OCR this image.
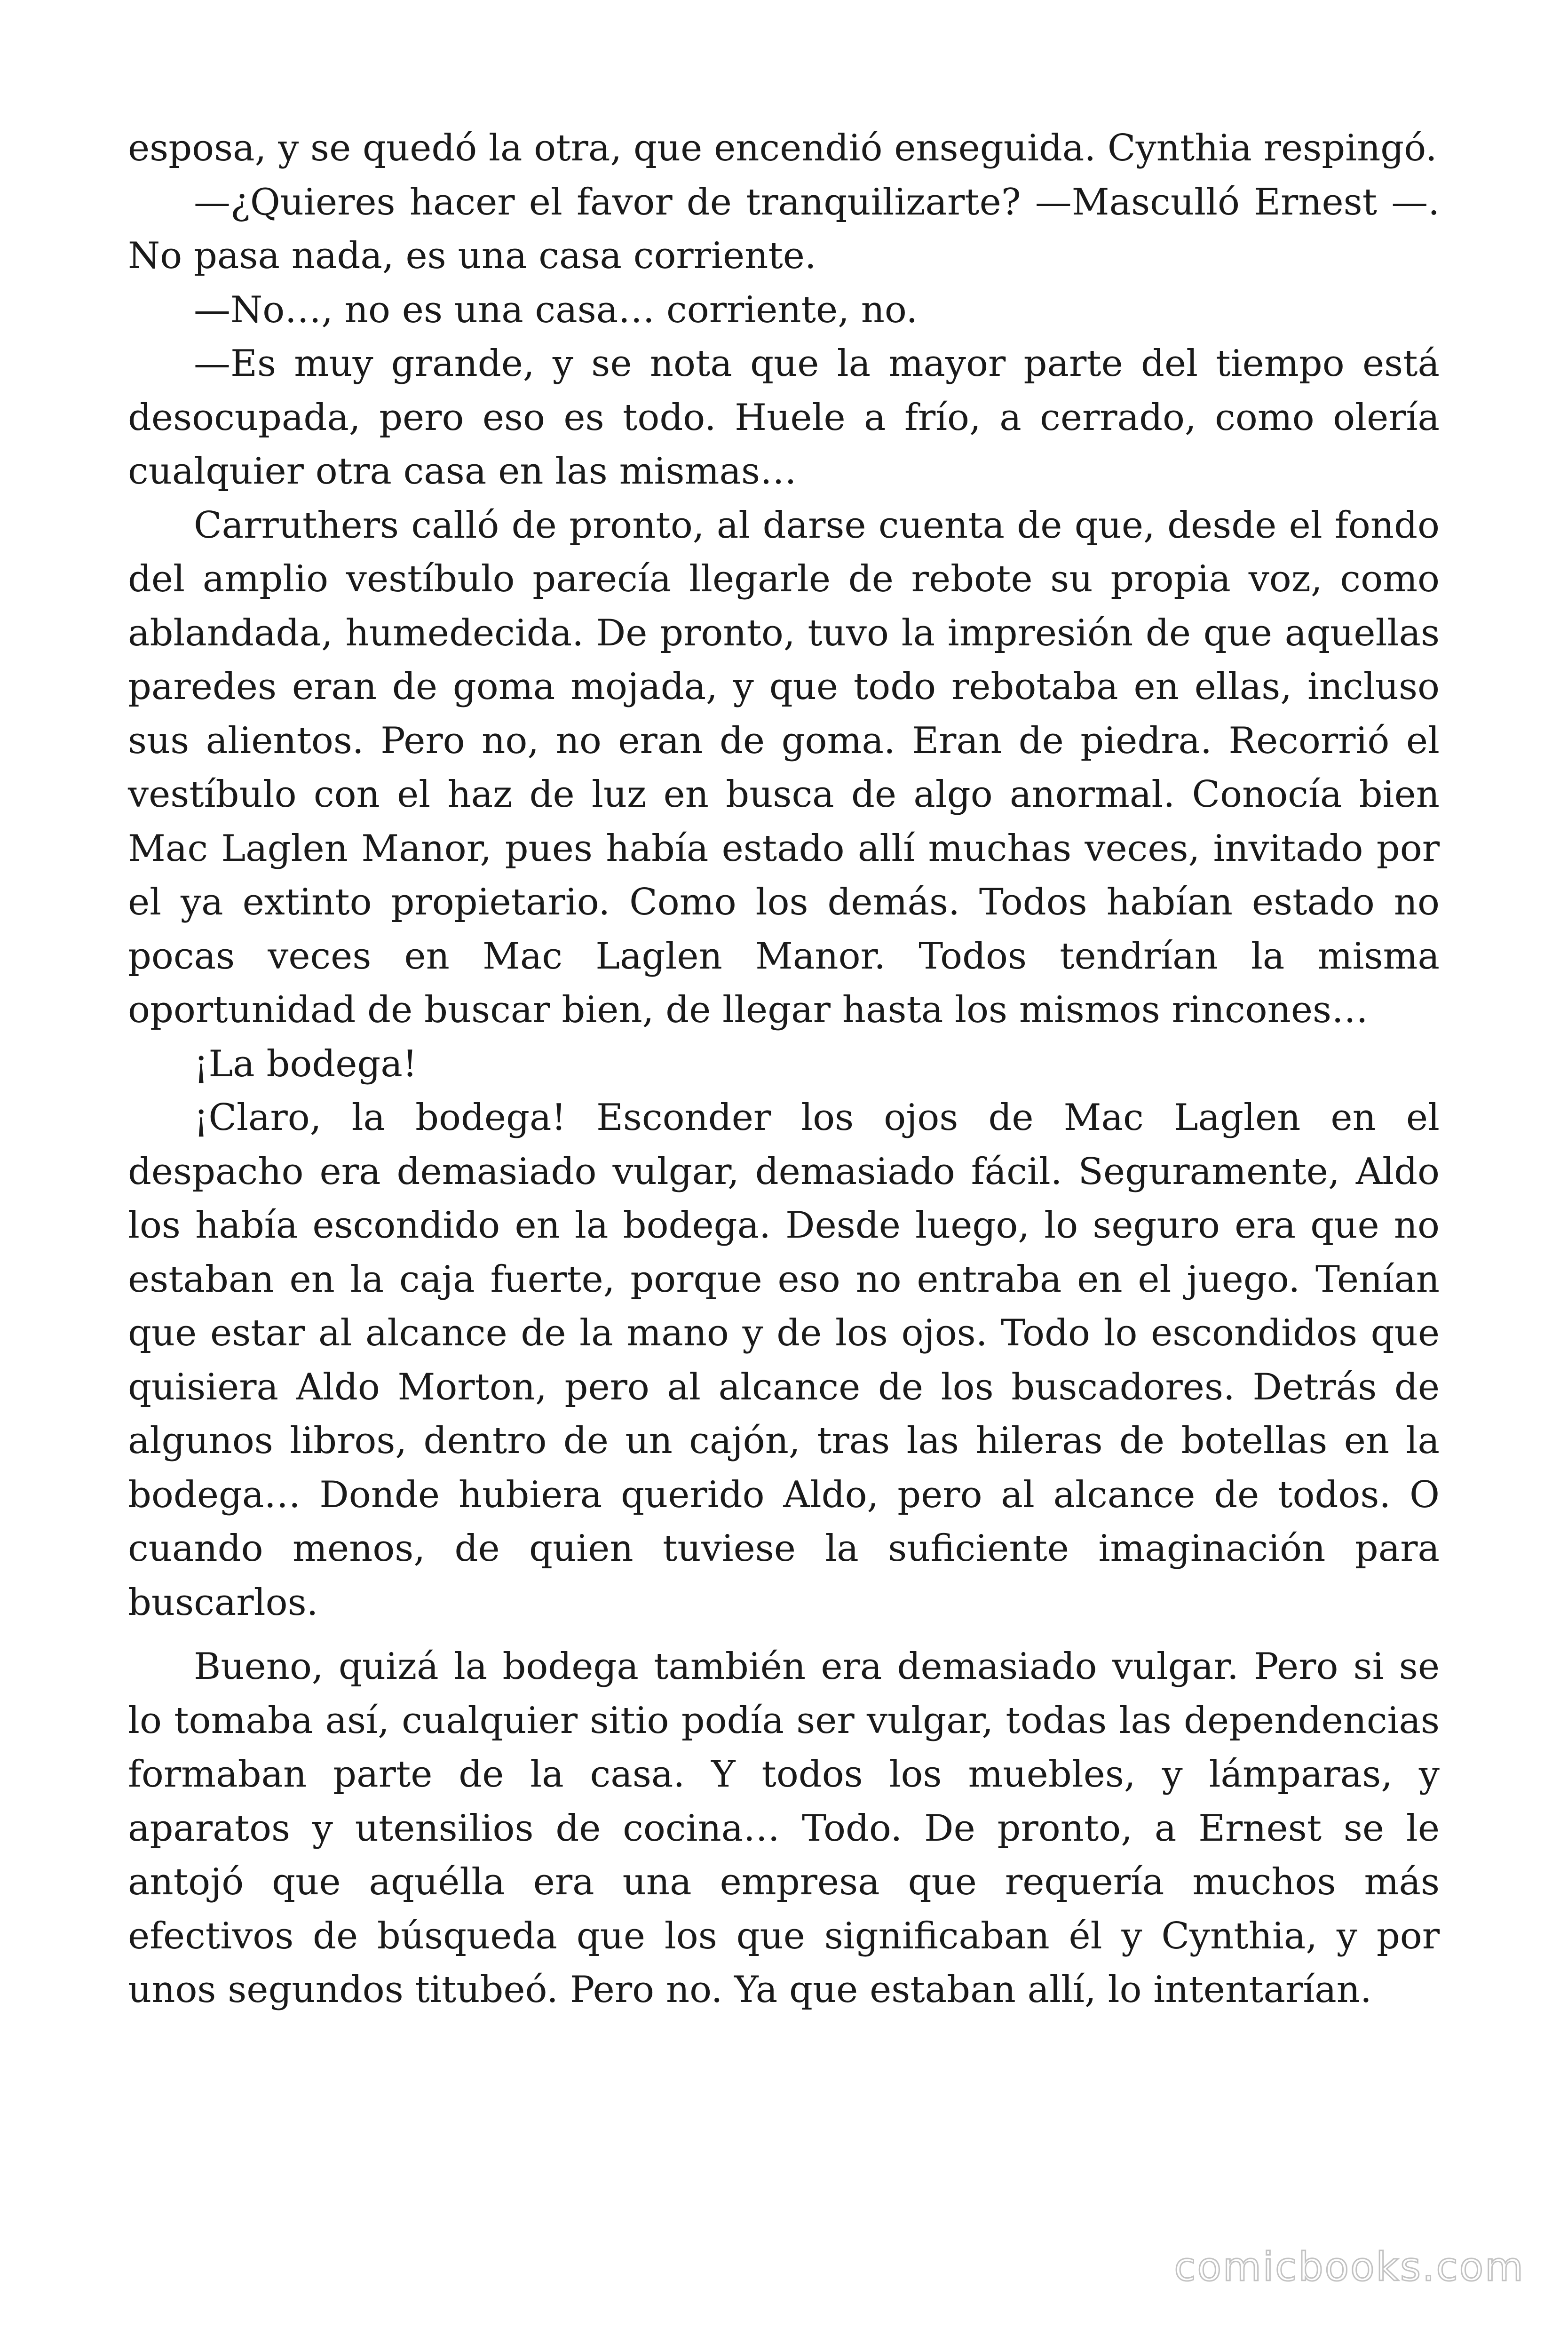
esposa, y se quedó la otra, que encendió enseguida. Cynthia respingó.

—¿Quieres hacer el favor de tranquilizarte? —Masculló Ernest —. No pasa nada, es una casa corriente.

—No…, no es una casa… corriente, no.

—Es muy grande, y se nota que la mayor parte del tiempo está desocupada, pero eso es todo. Huele a frío, a cerrado, como olería cualquier otra casa en las mismas…

Carruthers calló de pronto, al darse cuenta de que, desde el fondo del amplio vestíbulo parecía llegarle de rebote su propia voz, como ablandada, humedecida. De pronto, tuvo la impresión de que aquellas paredes eran de goma mojada, y que todo rebotaba en ellas, incluso sus alientos. Pero no, no eran de goma. Eran de piedra. Recorrió el vestíbulo con el haz de luz en busca de algo anormal. Conocía bien Mac Laglen Manor, pues había estado allí muchas veces, invitado por el ya extinto propietario. Como los demás. Todos habían estado no pocas veces en Mac Laglen Manor. Todos tendrían la misma oportunidad de buscar bien, de llegar hasta los mismos rincones…

¡La bodega!

¡Claro, la bodega! Esconder los ojos de Mac Laglen en el despacho era demasiado vulgar, demasiado fácil. Seguramente, Aldo los había escondido en la bodega. Desde luego, lo seguro era que no estaban en la caja fuerte, porque eso no entraba en el juego. Tenían que estar al alcance de la mano y de los ojos. Todo lo escondidos que quisiera Aldo Morton, pero al alcance de los buscadores. Detrás de algunos libros, dentro de un cajón, tras las hileras de botellas en la bodega… Donde hubiera querido Aldo, pero al alcance de todos. O cuando menos, de quien tuviese la suficiente imaginación para buscarlos.

Bueno, quizá la bodega también era demasiado vulgar. Pero si se lo tomaba así, cualquier sitio podía ser vulgar, todas las dependencias formaban parte de la casa. Y todos los muebles, y lámparas, y aparatos y utensilios de cocina… Todo. De pronto, a Ernest se le antojó que aquélla era una empresa que requería muchos más efectivos de búsqueda que los que significaban él y Cynthia, y por unos segundos titubeó. Pero no. Ya que estaban allí, lo intentarían.

comicbooks.com
